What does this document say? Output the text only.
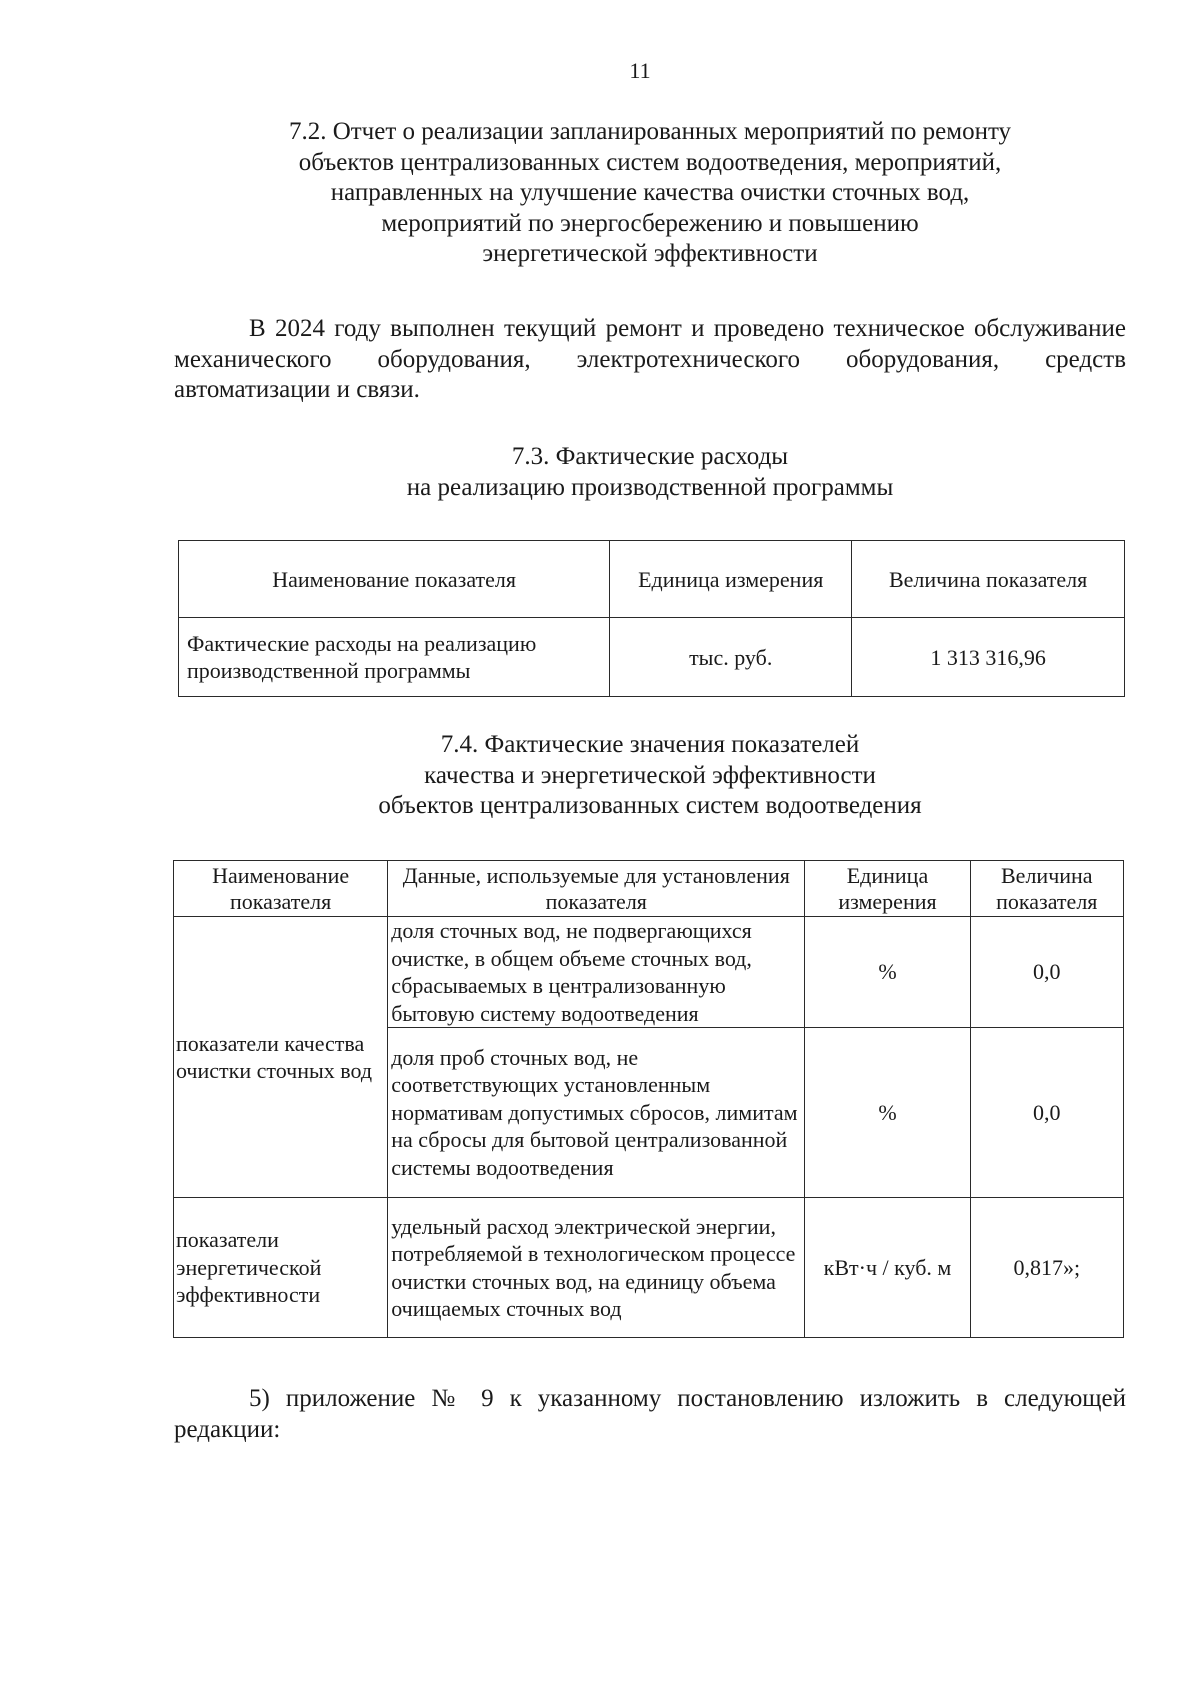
11
7.2. Отчет о реализации запланированных мероприятий по ремонту
объектов централизованных систем водоотведения, мероприятий,
направленных на улучшение качества очистки сточных вод,
мероприятий по энергосбережению и повышению
энергетической эффективности

В 2024 году выполнен текущий ремонт и проведено техническое обслуживание механического оборудования, электротехнического оборудования, средств автоматизации и связи.

7.3. Фактические расходы
на реализацию производственной программы
Наименование показателя	Единица измерения	Величина показателя
Фактические расходы на реализацию производственной программы	тыс. руб.	1 313 316,96
7.4. Фактические значения показателей
качества и энергетической эффективности
объектов централизованных систем водоотведения
Наименование показателя	Данные, используемые для установления показателя	Единица измерения	Величина показателя
показатели качества очистки сточных вод	доля сточных вод, не подвергающихся очистке, в общем объеме сточных вод, сбрасываемых в централизованную бытовую систему водоотведения	%	0,0
	доля проб сточных вод, не соответствующих установленным нормативам допустимых сбросов, лимитам на сбросы для бытовой централизованной системы водоотведения	%	0,0
показатели энергетической эффективности	удельный расход электрической энергии, потребляемой в технологическом процессе очистки сточных вод, на единицу объема очищаемых сточных вод	кВт·ч / куб. м	0,817»;

5) приложение № 9 к указанному постановлению изложить в следующей редакции:
